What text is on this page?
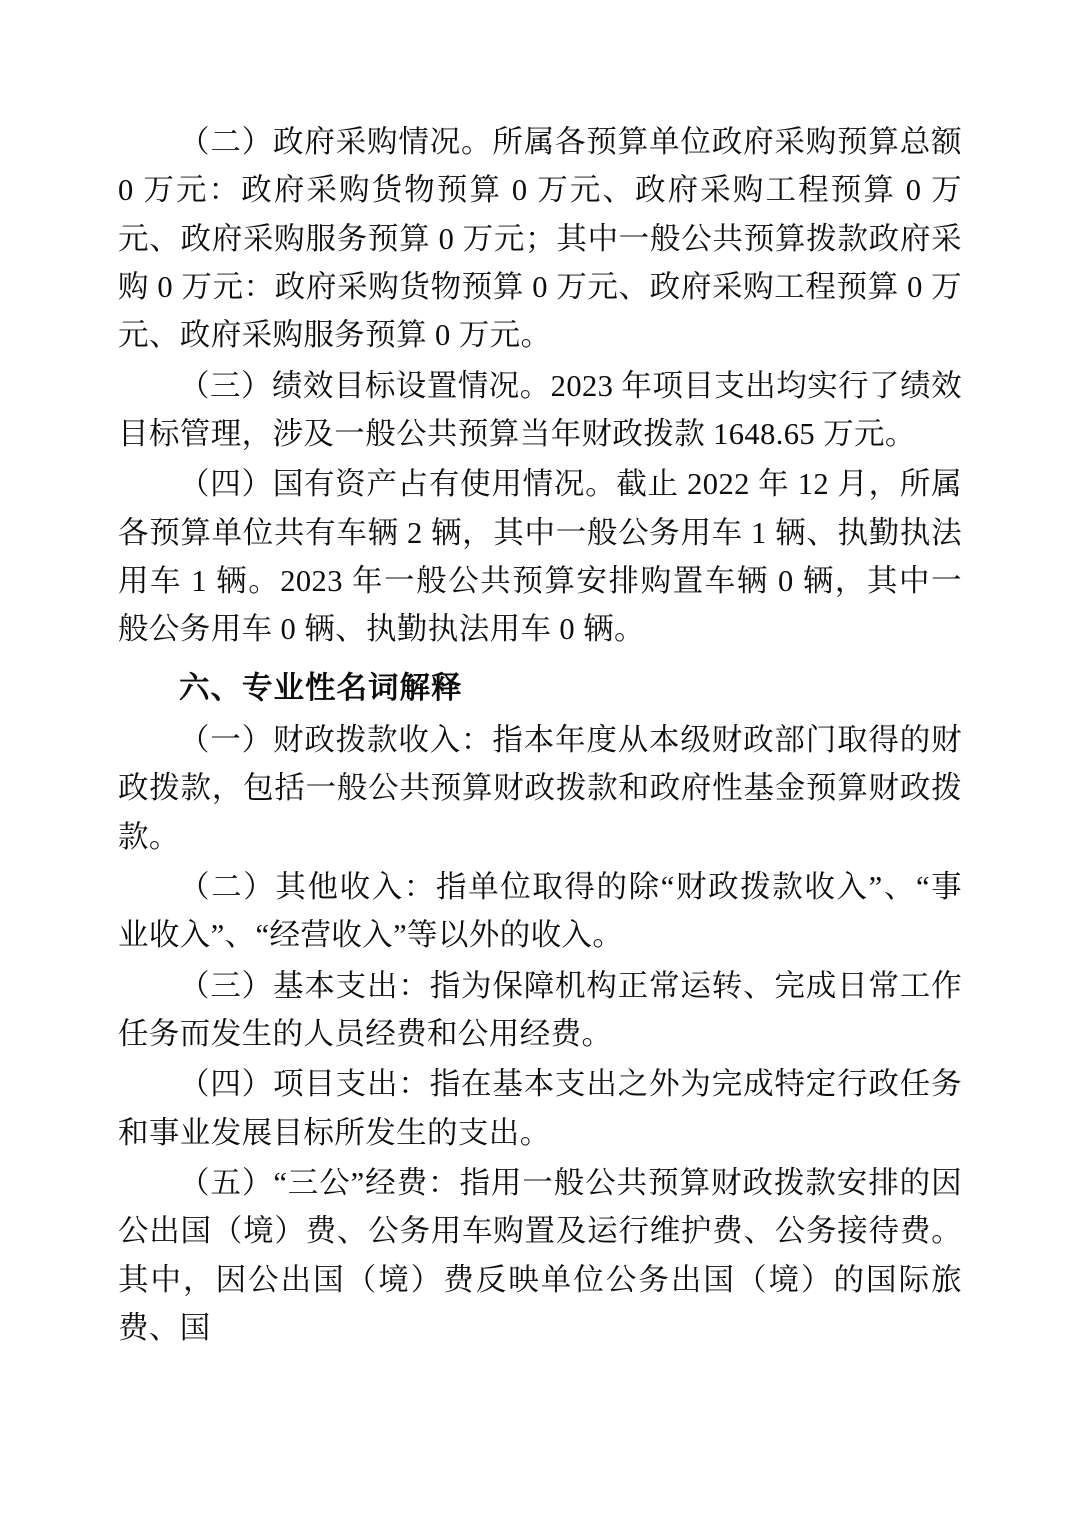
（二）政府采购情况。所属各预算单位政府采购预算总额 0 万元：政府采购货物预算 0 万元、政府采购工程预算 0 万元、政府采购服务预算 0 万元；其中一般公共预算拨款政府采购 0 万元：政府采购货物预算 0 万元、政府采购工程预算 0 万元、政府采购服务预算 0 万元。

（三）绩效目标设置情况。2023 年项目支出均实行了绩效目标管理，涉及一般公共预算当年财政拨款 1648.65 万元。

（四）国有资产占有使用情况。截止 2022 年 12 月，所属各预算单位共有车辆 2 辆，其中一般公务用车 1 辆、执勤执法用车 1 辆。2023 年一般公共预算安排购置车辆 0 辆，其中一般公务用车 0 辆、执勤执法用车 0 辆。

六、专业性名词解释

（一）财政拨款收入：指本年度从本级财政部门取得的财政拨款，包括一般公共预算财政拨款和政府性基金预算财政拨款。

（二）其他收入：指单位取得的除“财政拨款收入”、“事业收入”、“经营收入”等以外的收入。

（三）基本支出：指为保障机构正常运转、完成日常工作任务而发生的人员经费和公用经费。

（四）项目支出：指在基本支出之外为完成特定行政任务和事业发展目标所发生的支出。

（五）“三公”经费：指用一般公共预算财政拨款安排的因公出国（境）费、公务用车购置及运行维护费、公务接待费。其中，因公出国（境）费反映单位公务出国（境）的国际旅费、国
